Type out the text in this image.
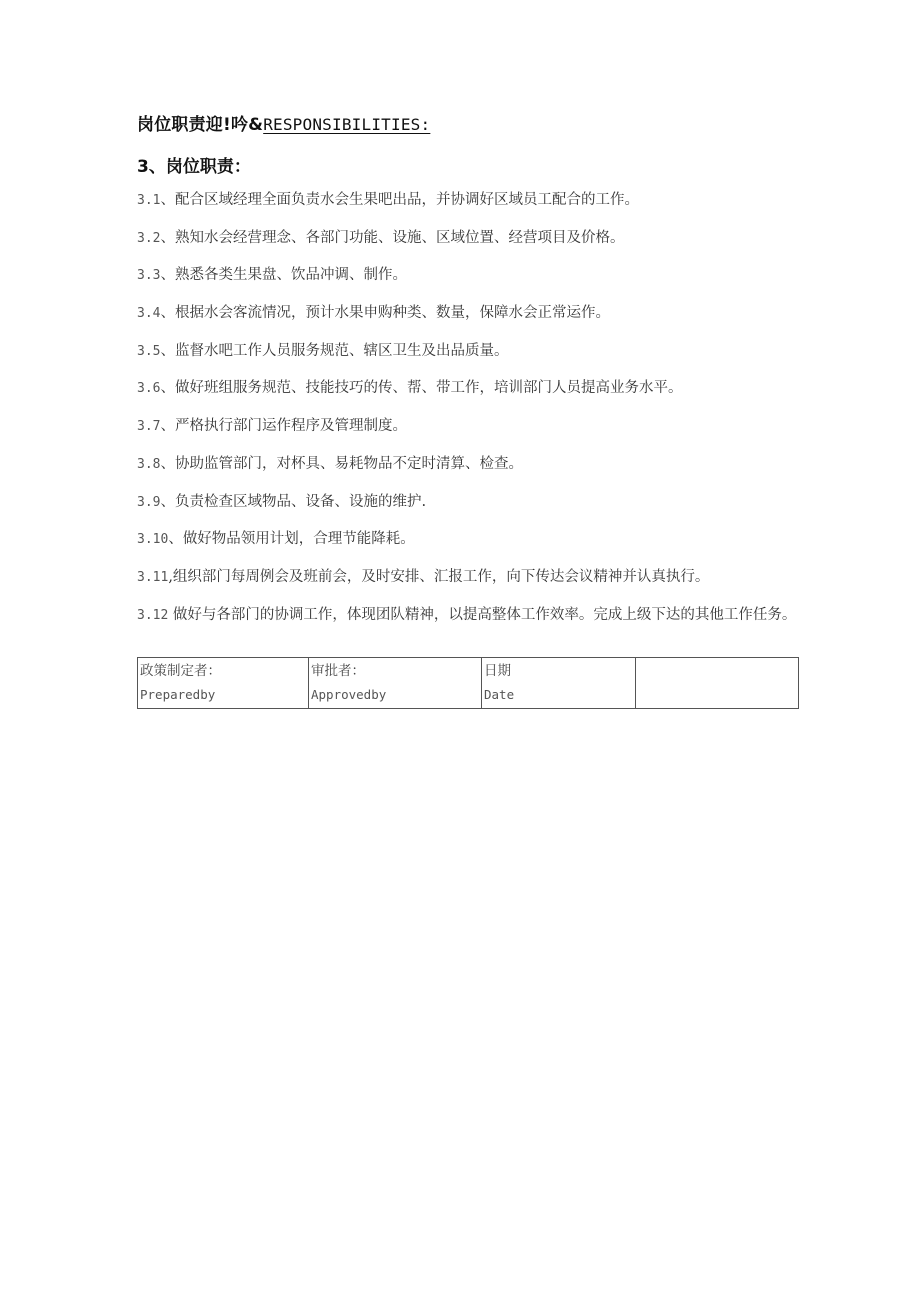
岗位职责迎!吟&RESPONSIBILITIES:
3、岗位职责：
3.1、配合区域经理全面负责水会生果吧出品，并协调好区域员工配合的工作。
3.2、熟知水会经营理念、各部门功能、设施、区域位置、经营项目及价格。
3.3、熟悉各类生果盘、饮品冲调、制作。
3.4、根据水会客流情况，预计水果申购种类、数量，保障水会正常运作。
3.5、监督水吧工作人员服务规范、辖区卫生及出品质量。
3.6、做好班组服务规范、技能技巧的传、帮、带工作，培训部门人员提高业务水平。
3.7、严格执行部门运作程序及管理制度。
3.8、协助监管部门，对杯具、易耗物品不定时清算、检查。
3.9、负责检查区域物品、设备、设施的维护.
3.10、做好物品领用计划，合理节能降耗。
3.11,组织部门每周例会及班前会，及时安排、汇报工作，向下传达会议精神并认真执行。
3.12 做好与各部门的协调工作，体现团队精神，以提高整体工作效率。完成上级下达的其他工作任务。
政策制定者：
Preparedby

审批者：
Approvedby

日期
Date
